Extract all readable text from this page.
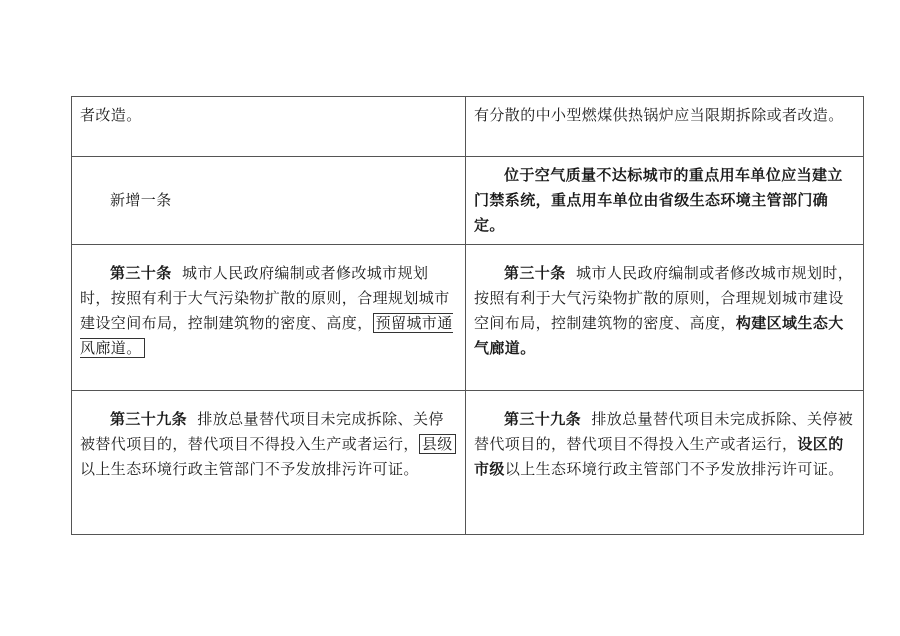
者改造。	有分散的中小型燃煤供热锅炉应当限期拆除或者改造。

新增一条	位于空气质量不达标城市的重点用车单位应当建立门禁系统，重点用车单位由省级生态环境主管部门确定。

第三十条 城市人民政府编制或者修改城市规划时，按照有利于大气污染物扩散的原则，合理规划城市建设空间布局，控制建筑物的密度、高度， 预留城市通风廊道。	第三十条 城市人民政府编制或者修改城市规划时，按照有利于大气污染物扩散的原则，合理规划城市建设空间布局，控制建筑物的密度、高度，构建区域生态大气廊道。

第三十九条 排放总量替代项目未完成拆除、关停被替代项目的，替代项目不得投入生产或者运行， 县级以上生态环境行政主管部门不予发放排污许可证。	第三十九条 排放总量替代项目未完成拆除、关停被替代项目的，替代项目不得投入生产或者运行，设区的市级以上生态环境行政主管部门不予发放排污许可证。
